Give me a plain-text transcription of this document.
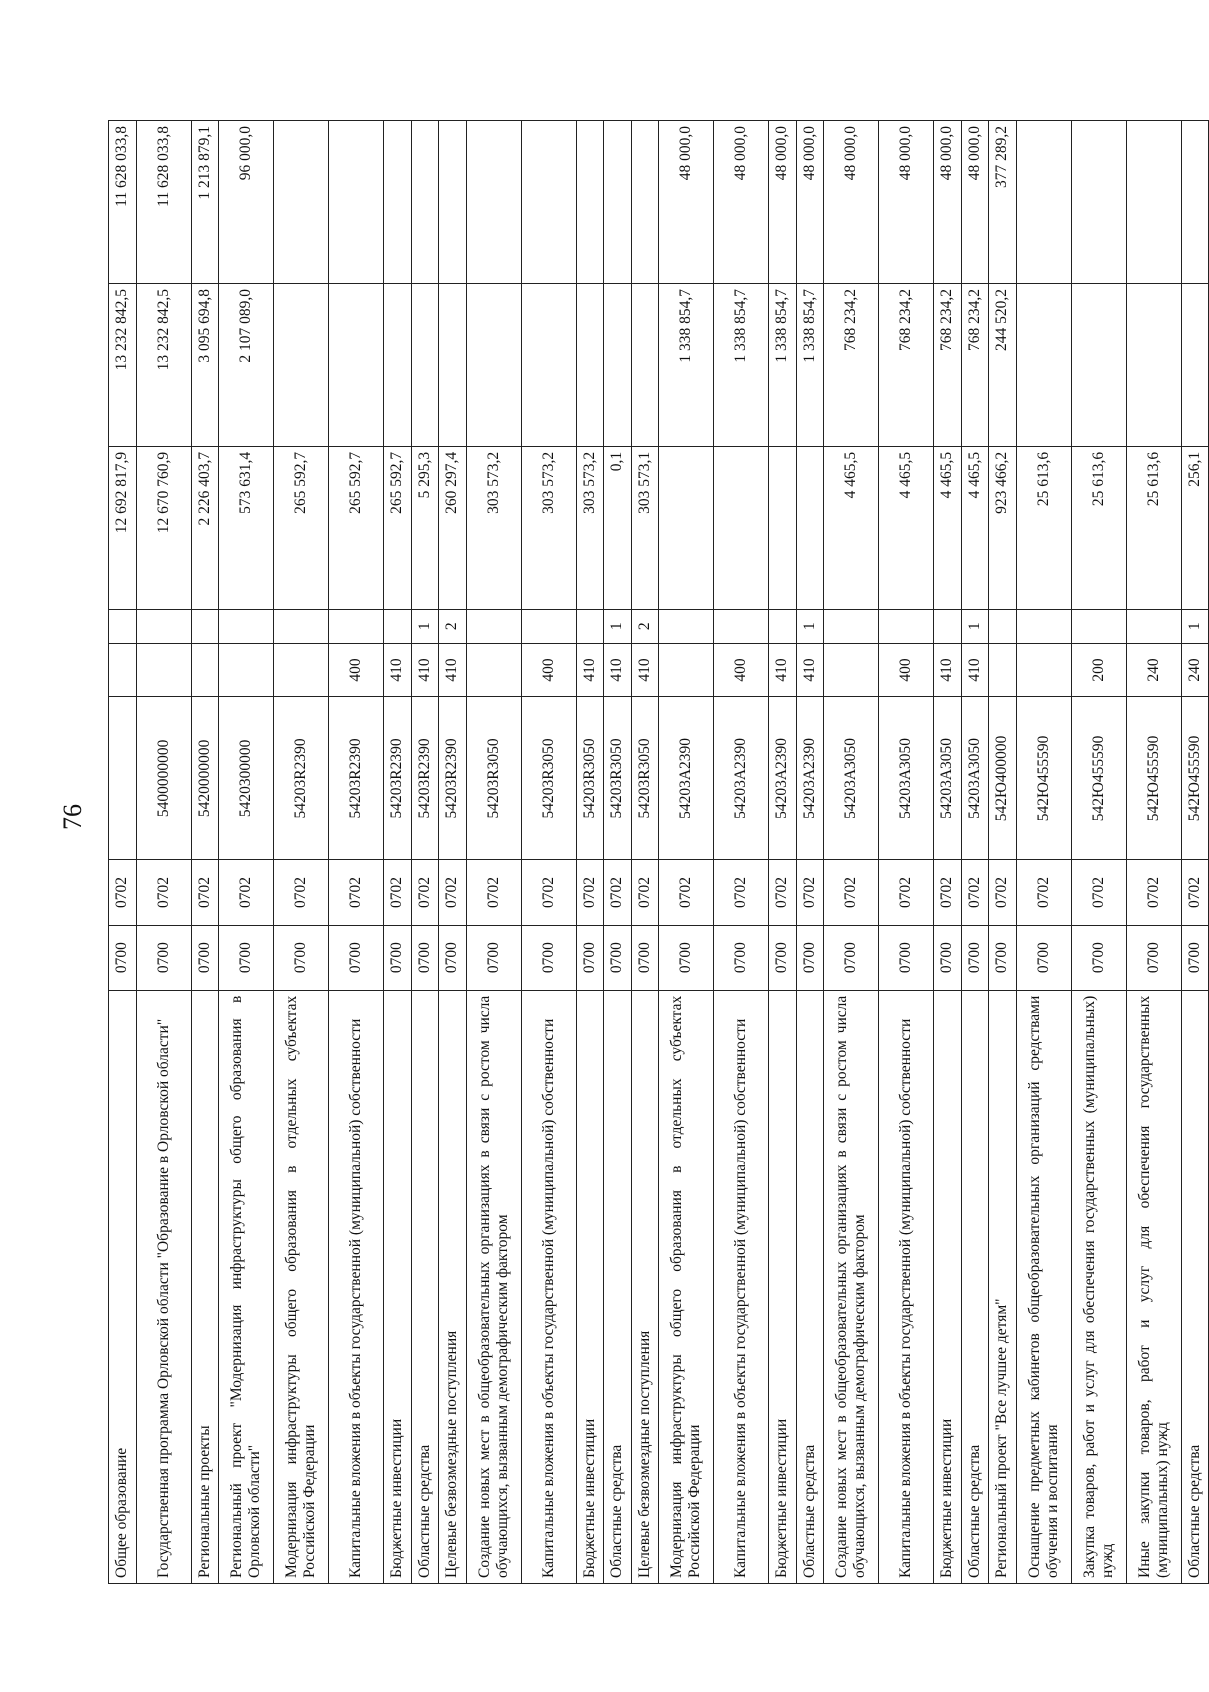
76
Общее образование	0700	0702				12 692 817,9	13 232 842,5	11 628 033,8
Государственная программа Орловской области "Образование в Орловской области"	0700	0702	5400000000			12 670 760,9	13 232 842,5	11 628 033,8
Региональные проекты	0700	0702	5420000000			2 226 403,7	3 095 694,8	1 213 879,1
Региональный проект "Модернизация инфраструктуры общего образования в Орловской области"	0700	0702	5420300000			573 631,4	2 107 089,0	96 000,0
Модернизация инфраструктуры общего образования в отдельных субъектах Российской Федерации	0700	0702	54203R2390			265 592,7		
Капитальные вложения в объекты государственной (муниципальной) собственности	0700	0702	54203R2390	400		265 592,7		
Бюджетные инвестиции	0700	0702	54203R2390	410		265 592,7		
Областные средства	0700	0702	54203R2390	410	1	5 295,3		
Целевые безвозмездные поступления	0700	0702	54203R2390	410	2	260 297,4		
Создание новых мест в общеобразовательных организациях в связи с ростом числа обучающихся, вызванным демографическим фактором	0700	0702	54203R3050			303 573,2		
Капитальные вложения в объекты государственной (муниципальной) собственности	0700	0702	54203R3050	400		303 573,2		
Бюджетные инвестиции	0700	0702	54203R3050	410		303 573,2		
Областные средства	0700	0702	54203R3050	410	1	0,1		
Целевые безвозмездные поступления	0700	0702	54203R3050	410	2	303 573,1		
Модернизация инфраструктуры общего образования в отдельных субъектах Российской Федерации	0700	0702	54203A2390				1 338 854,7	48 000,0
Капитальные вложения в объекты государственной (муниципальной) собственности	0700	0702	54203A2390	400			1 338 854,7	48 000,0
Бюджетные инвестиции	0700	0702	54203A2390	410			1 338 854,7	48 000,0
Областные средства	0700	0702	54203A2390	410	1		1 338 854,7	48 000,0
Создание новых мест в общеобразовательных организациях в связи с ростом числа обучающихся, вызванным демографическим фактором	0700	0702	54203A3050			4 465,5	768 234,2	48 000,0
Капитальные вложения в объекты государственной (муниципальной) собственности	0700	0702	54203A3050	400		4 465,5	768 234,2	48 000,0
Бюджетные инвестиции	0700	0702	54203A3050	410		4 465,5	768 234,2	48 000,0
Областные средства	0700	0702	54203A3050	410	1	4 465,5	768 234,2	48 000,0
Региональный проект "Все лучшее детям"	0700	0702	542Ю400000			923 466,2	244 520,2	377 289,2
Оснащение предметных кабинетов общеобразовательных организаций средствами обучения и воспитания	0700	0702	542Ю455590			25 613,6		
Закупка товаров, работ и услуг для обеспечения государственных (муниципальных) нужд	0700	0702	542Ю455590	200		25 613,6		
Иные закупки товаров, работ и услуг для обеспечения государственных (муниципальных) нужд	0700	0702	542Ю455590	240		25 613,6		
Областные средства	0700	0702	542Ю455590	240	1	256,1		
